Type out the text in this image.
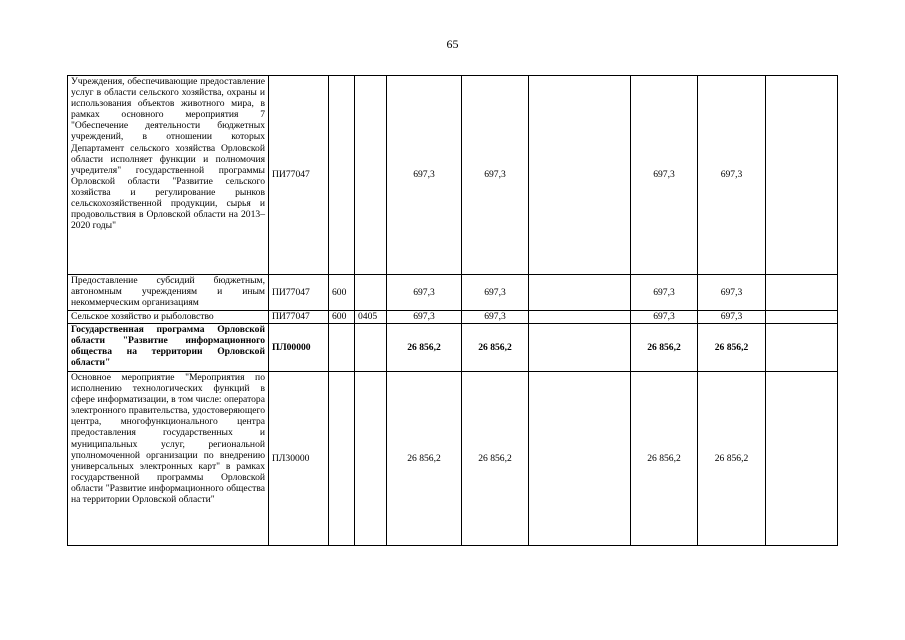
65
Учреждения, обеспечивающие предоставление услуг в области сельского хозяйства, охраны и использования объектов животного мира, в рамках основного мероприятия 7 "Обеспечение деятельности бюджетных учреждений, в отношении которых Департамент сельского хозяйства Орловской области исполняет функции и полномочия учредителя" государственной программы Орловской области "Развитие сельского хозяйства и регулирование рынков сельскохозяйственной продукции, сырья и продовольствия в Орловской области на 2013–2020 годы"	ПИ77047			697,3	697,3		697,3	697,3	
Предоставление субсидий бюджетным, автономным учреждениям и иным некоммерческим организациям	ПИ77047	600		697,3	697,3		697,3	697,3	
Сельское хозяйство и рыболовство	ПИ77047	600	0405	697,3	697,3		697,3	697,3	
Государственная программа Орловской области "Развитие информационного общества на территории Орловской области"	ПЛ00000			26 856,2	26 856,2		26 856,2	26 856,2	
Основное мероприятие "Мероприятия по исполнению технологических функций в сфере информатизации, в том числе: оператора электронного правительства, удостоверяющего центра, многофункционального центра предоставления государственных и муниципальных услуг, региональной уполномоченной организации по внедрению универсальных электронных карт" в рамках государственной программы Орловской области "Развитие информационного общества на территории Орловской области"	ПЛ30000			26 856,2	26 856,2		26 856,2	26 856,2	
